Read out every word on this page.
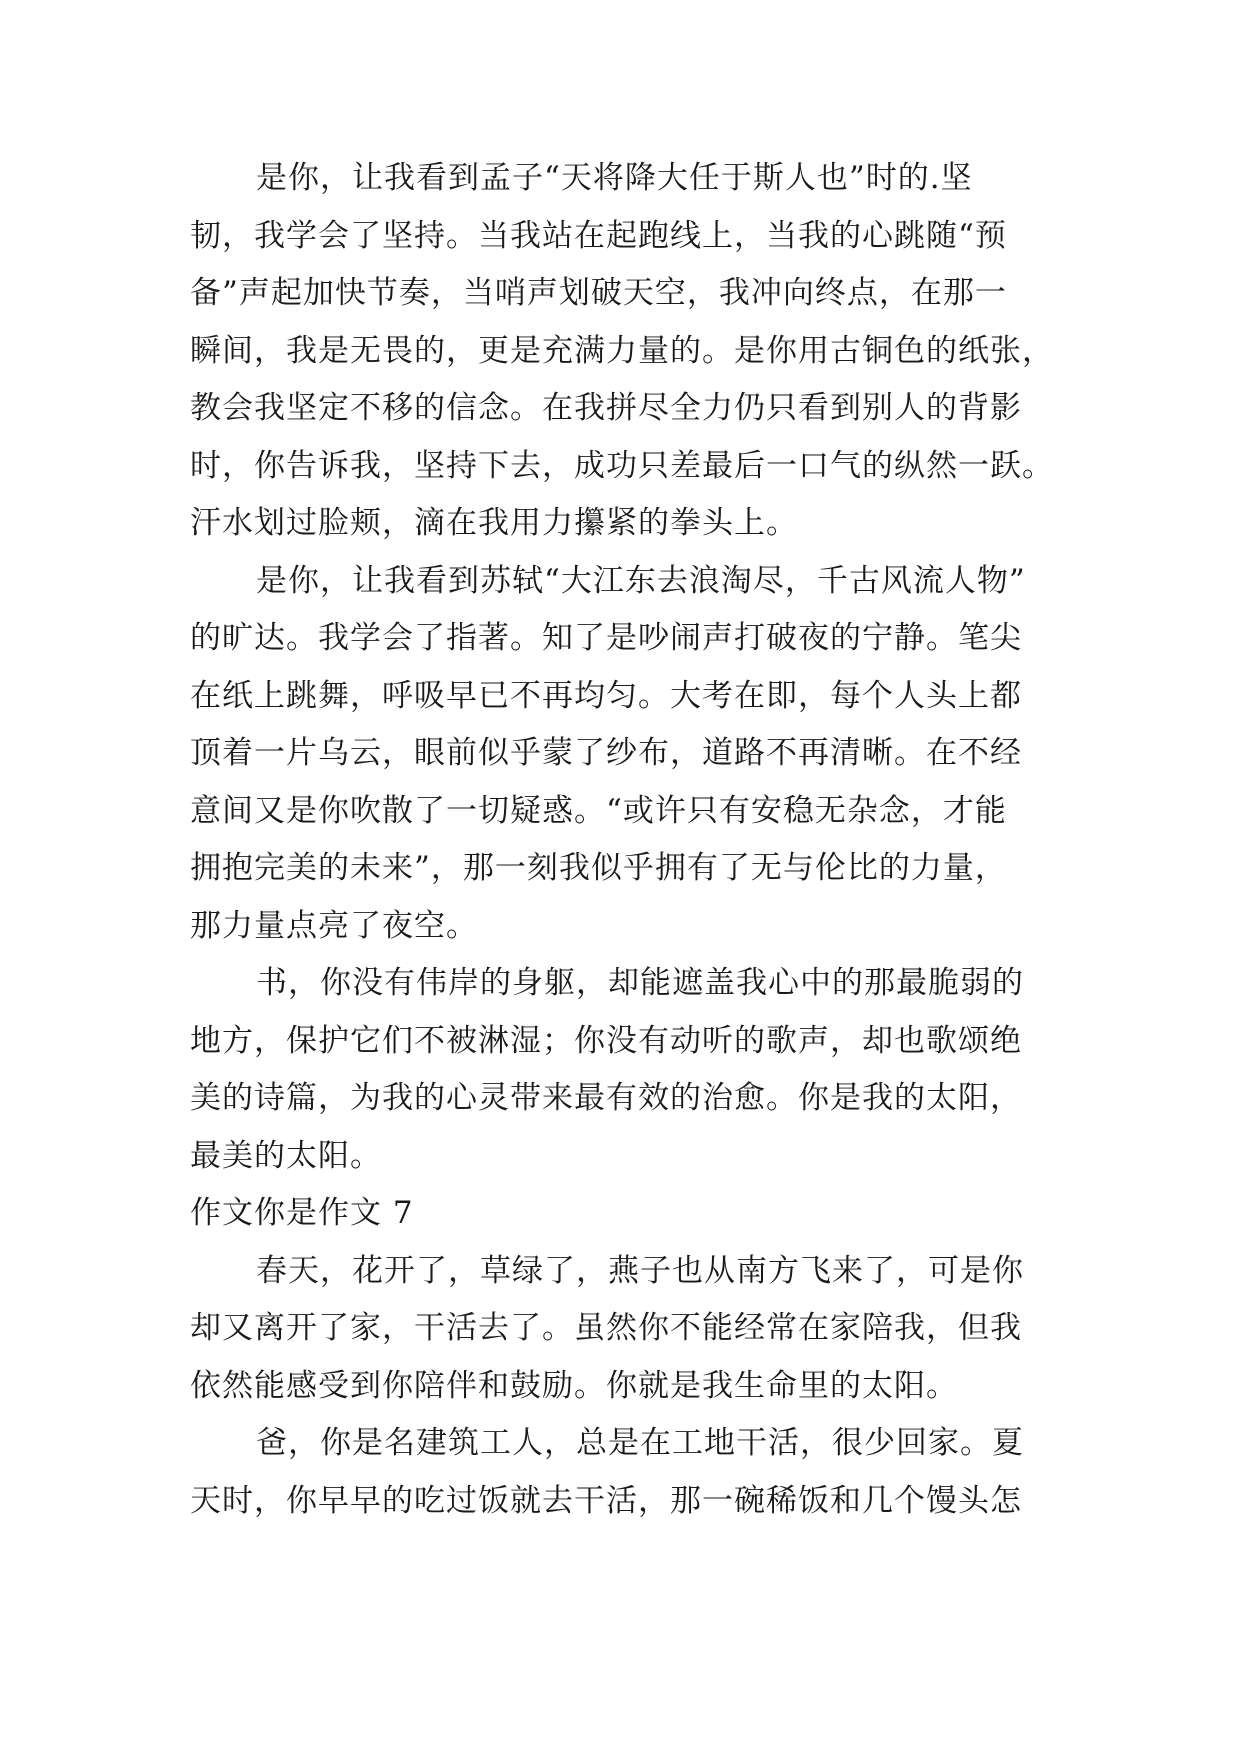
是你，让我看到孟子“天将降大任于斯人也”时的.坚
韧，我学会了坚持。当我站在起跑线上，当我的心跳随“预
备”声起加快节奏，当哨声划破天空，我冲向终点，在那一
瞬间，我是无畏的，更是充满力量的。是你用古铜色的纸张，
教会我坚定不移的信念。在我拼尽全力仍只看到别人的背影
时，你告诉我，坚持下去，成功只差最后一口气的纵然一跃。
汗水划过脸颊，滴在我用力攥紧的拳头上。
是你，让我看到苏轼“大江东去浪淘尽，千古风流人物”
的旷达。我学会了指著。知了是吵闹声打破夜的宁静。笔尖
在纸上跳舞，呼吸早已不再均匀。大考在即，每个人头上都
顶着一片乌云，眼前似乎蒙了纱布，道路不再清晰。在不经
意间又是你吹散了一切疑惑。“或许只有安稳无杂念，才能
拥抱完美的未来”，那一刻我似乎拥有了无与伦比的力量，
那力量点亮了夜空。
书，你没有伟岸的身躯，却能遮盖我心中的那最脆弱的
地方，保护它们不被淋湿；你没有动听的歌声，却也歌颂绝
美的诗篇，为我的心灵带来最有效的治愈。你是我的太阳，
最美的太阳。
作文你是作文 7
春天，花开了，草绿了，燕子也从南方飞来了，可是你
却又离开了家，干活去了。虽然你不能经常在家陪我，但我
依然能感受到你陪伴和鼓励。你就是我生命里的太阳。
爸，你是名建筑工人，总是在工地干活，很少回家。夏
天时，你早早的吃过饭就去干活，那一碗稀饭和几个馒头怎
